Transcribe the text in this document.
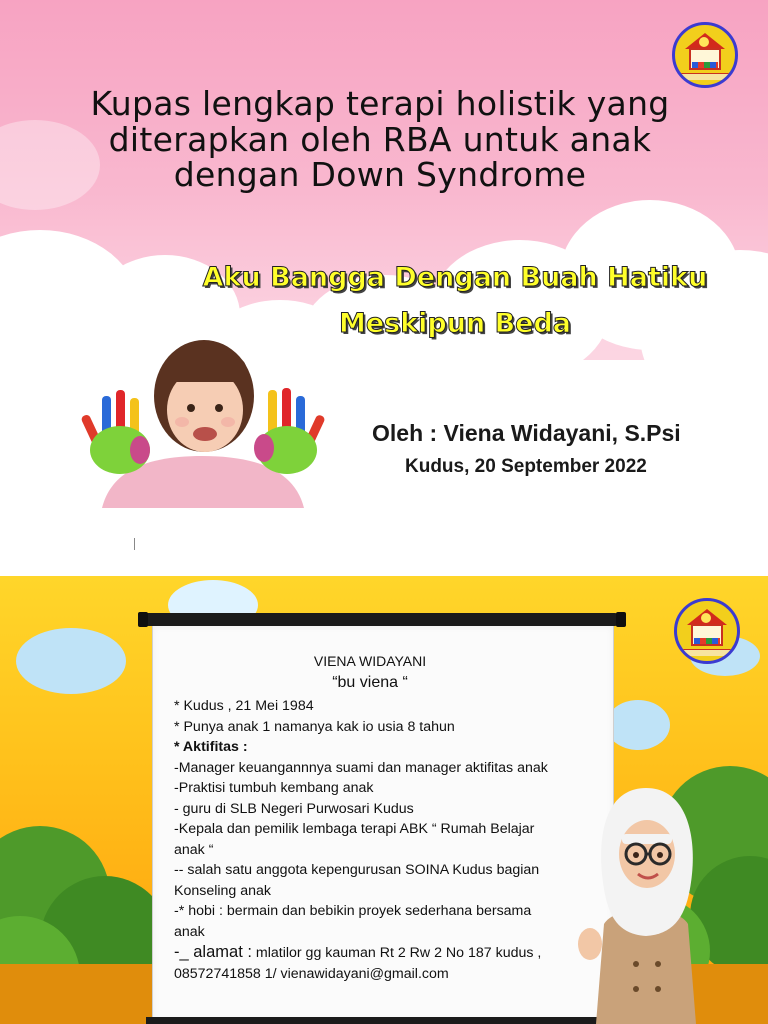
Kupas lengkap terapi holistik yang
diterapkan oleh RBA untuk anak
dengan Down Syndrome
Aku Bangga Dengan Buah Hatiku
Meskipun Beda
Oleh : Viena Widayani, S.Psi
Kudus, 20 September 2022
VIENA WIDAYANI
“bu viena “
* Kudus , 21 Mei 1984
* Punya anak 1 namanya kak io usia 8 tahun
* Aktifitas :
-Manager keuangannnya suami dan manager aktifitas anak
-Praktisi tumbuh kembang anak
- guru di SLB Negeri Purwosari Kudus
-Kepala dan pemilik lembaga terapi ABK “ Rumah Belajar
anak “
-- salah satu anggota kepengurusan SOINA Kudus bagian
Konseling anak
-* hobi : bermain dan bebikin proyek sederhana bersama
anak
-_ alamat : mlatilor gg kauman Rt 2 Rw 2 No 187 kudus ,
08572741858 1/ vienawidayani@gmail.com
